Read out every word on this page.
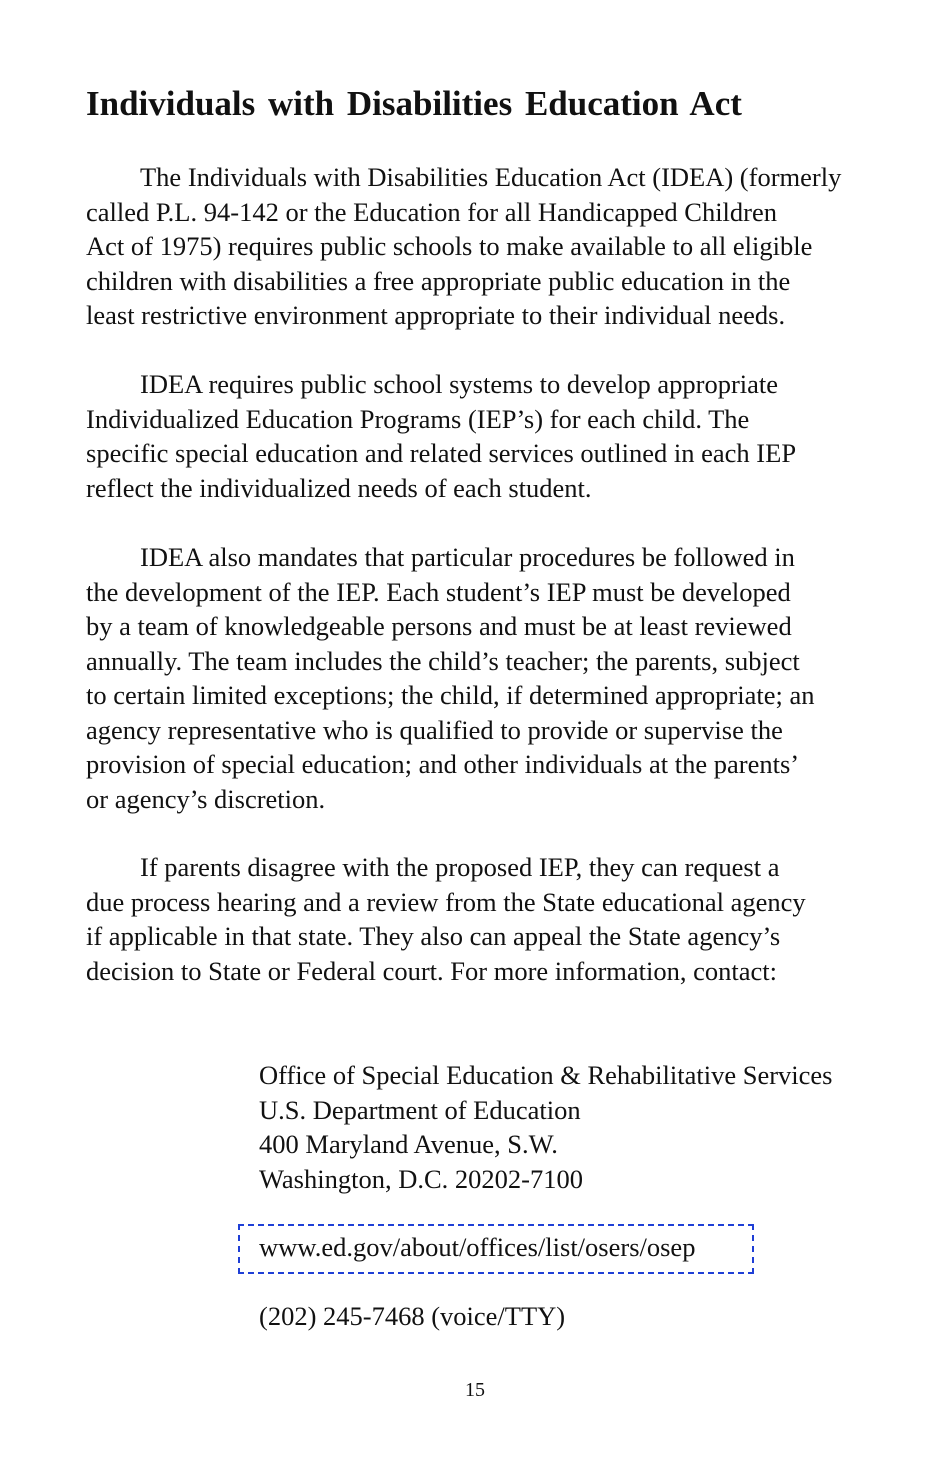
Individuals with Disabilities Education Act

The Individuals with Disabilities Education Act (IDEA) (formerly
called P.L. 94-142 or the Education for all Handicapped Children
Act of 1975) requires public schools to make available to all eligible
children with disabilities a free appropriate public education in the
least restrictive environment appropriate to their individual needs.

IDEA requires public school systems to develop appropriate
Individualized Education Programs (IEP’s) for each child. The
specific special education and related services outlined in each IEP
reflect the individualized needs of each student.

IDEA also mandates that particular procedures be followed in
the development of the IEP. Each student’s IEP must be developed
by a team of knowledgeable persons and must be at least reviewed
annually. The team includes the child’s teacher; the parents, subject
to certain limited exceptions; the child, if determined appropriate; an
agency representative who is qualified to provide or supervise the
provision of special education; and other individuals at the parents’
or agency’s discretion.

If parents disagree with the proposed IEP, they can request a
due process hearing and a review from the State educational agency
if applicable in that state. They also can appeal the State agency’s
decision to State or Federal court. For more information, contact:

Office of Special Education & Rehabilitative Services
U.S. Department of Education
400 Maryland Avenue, S.W.
Washington, D.C. 20202-7100
www.ed.gov/about/offices/list/osers/osep
(202) 245-7468 (voice/TTY)
15
